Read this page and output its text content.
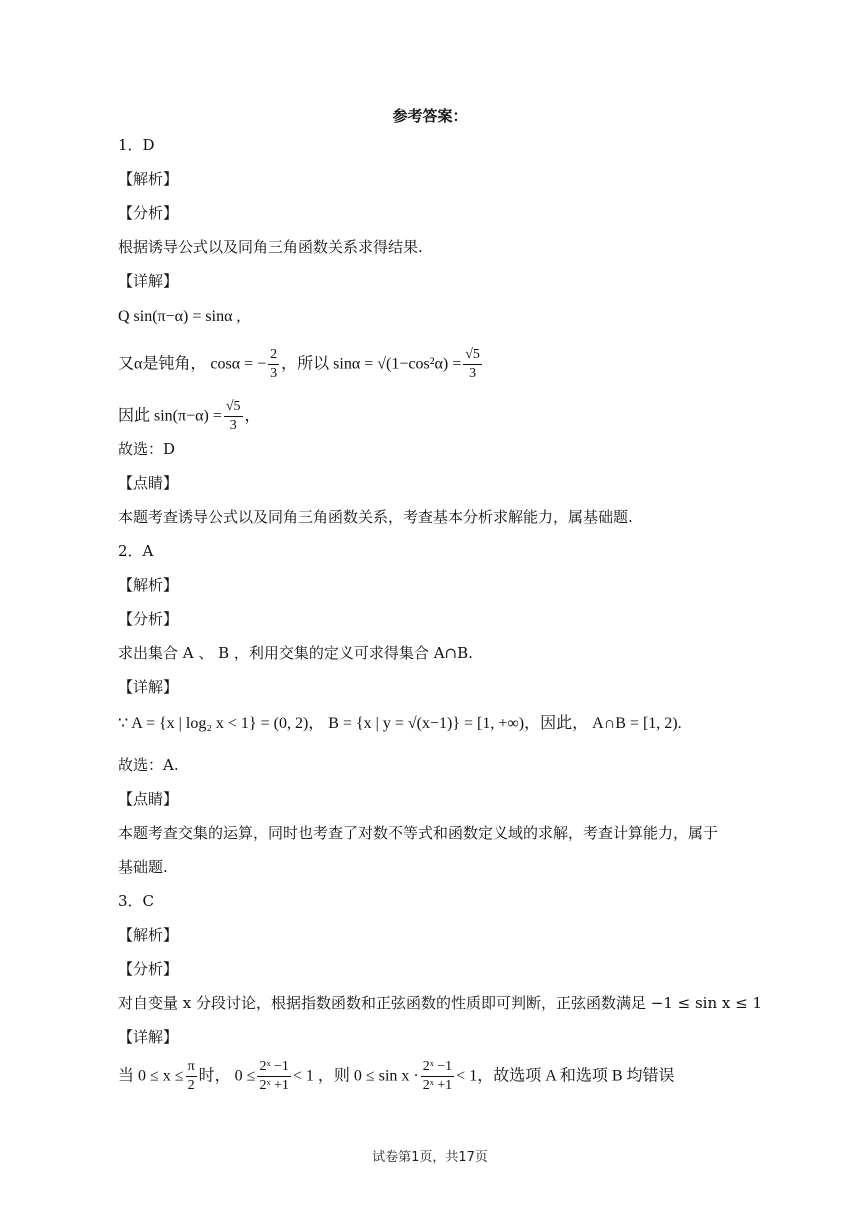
参考答案：
1．D
【解析】
【分析】
根据诱导公式以及同角三角函数关系求得结果.
【详解】
Q sin(π−α) = sinα ,
又α是钝角， cosα = − $\frac{2}{3}$ ，所以 $\sin\alpha = √(1-\cos^2\alpha) = \frac{√5}{3}$
因此 $\sin(\pi-\alpha) = \frac{√5}{3}$ ，
故选：D
【点睛】
本题考查诱导公式以及同角三角函数关系，考查基本分析求解能力，属基础题.
2．A
【解析】
【分析】
求出集合 A 、 B ，利用交集的定义可求得集合 A∩B.
【详解】
∵ A = {x | log₂ x < 1} = (0, 2)， B = {x | y = √(x−1)} = [1, +∞)，因此， A∩B = [1, 2).
故选：A.
【点睛】
本题考查交集的运算，同时也考查了对数不等式和函数定义域的求解，考查计算能力，属于
基础题.
3．C
【解析】
【分析】
对自变量 x 分段讨论，根据指数函数和正弦函数的性质即可判断，正弦函数满足 −1 ≤ sin x ≤ 1
【详解】
当 $0 \le x \le \frac{\pi}{2}$ 时， $0 \le \frac{\text{2ˣ −1}}{\text{2ˣ +1}} < 1$ ，则 $0 \le \sin x \cdot \frac{\text{2ˣ −1}}{\text{2ˣ +1}} < 1$，故选项 A 和选项 B 均错误
试卷第1页，共17页
